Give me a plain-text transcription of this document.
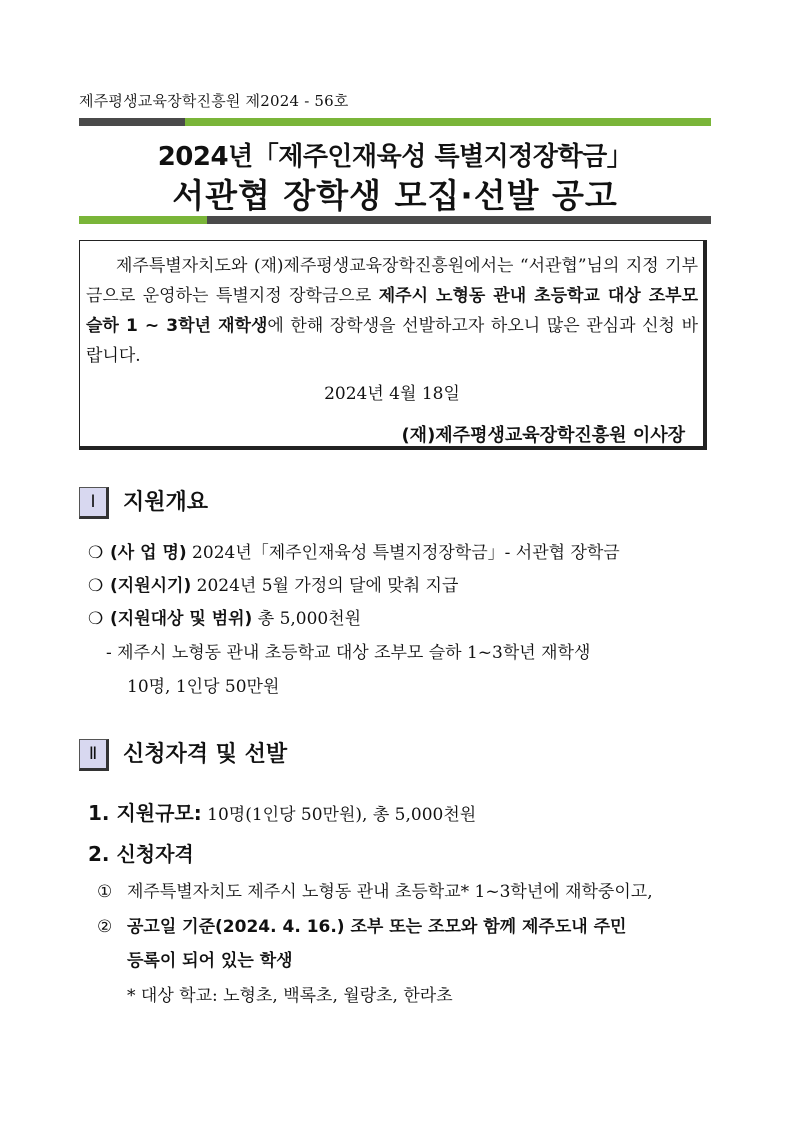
제주평생교육장학진흥원 제2024 - 56호
2024년「제주인재육성 특별지정장학금」
서관협 장학생 모집·선발 공고
제주특별자치도와 (재)제주평생교육장학진흥원에서는 “서관협”님의 지정 기부금으로 운영하는 특별지정 장학금으로 제주시 노형동 관내 초등학교 대상 조부모 슬하 1 ~ 3학년 재학생에 한해 장학생을 선발하고자 하오니 많은 관심과 신청 바랍니다.
2024년 4월 18일
(재)제주평생교육장학진흥원 이사장
Ⅰ	지원개요
❍ (사 업 명) 2024년「제주인재육성 특별지정장학금」- 서관협 장학금
❍ (지원시기) 2024년 5월 가정의 달에 맞춰 지급
❍ (지원대상 및 범위) 총 5,000천원
- 제주시 노형동 관내 초등학교 대상 조부모 슬하 1~3학년 재학생
10명, 1인당 50만원
Ⅱ	신청자격 및 선발
1. 지원규모: 10명(1인당 50만원), 총 5,000천원
2. 신청자격
① 제주특별자치도 제주시 노형동 관내 초등학교* 1~3학년에 재학중이고,
② 공고일 기준(2024. 4. 16.) 조부 또는 조모와 함께 제주도내 주민
등록이 되어 있는 학생
* 대상 학교: 노형초, 백록초, 월랑초, 한라초
